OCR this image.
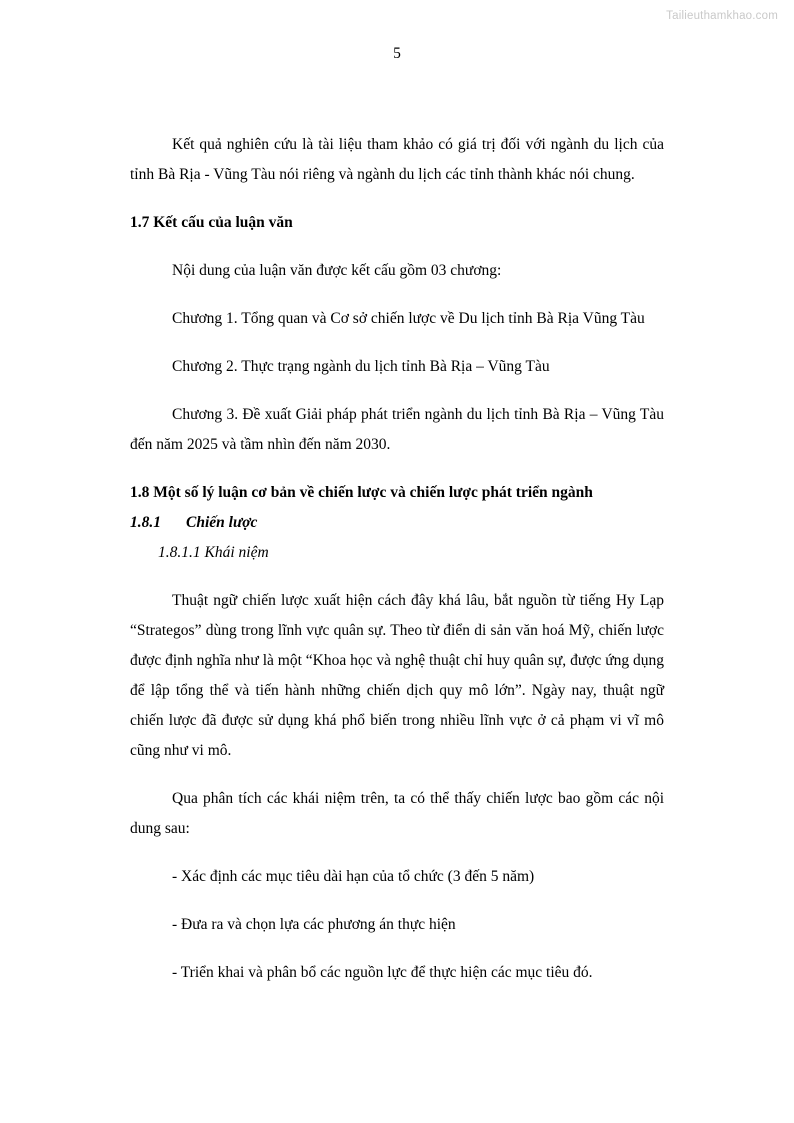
Tailieuthamkhao.com
5

Kết quả nghiên cứu là tài liệu tham khảo có giá trị đối với ngành du lịch của tỉnh Bà Rịa - Vũng Tàu nói riêng và ngành du lịch các tỉnh thành khác nói chung.

1.7 Kết cấu của luận văn

Nội dung của luận văn được kết cấu gồm 03 chương:

Chương 1. Tổng quan và Cơ sở chiến lược về Du lịch tỉnh Bà Rịa Vũng Tàu

Chương 2. Thực trạng ngành du lịch tỉnh Bà Rịa – Vũng Tàu

Chương 3. Đề xuất Giải pháp phát triển ngành du lịch tỉnh Bà Rịa – Vũng Tàu đến năm 2025 và tầm nhìn đến năm 2030.

1.8 Một số lý luận cơ bản về chiến lược và chiến lược phát triển ngành

1.8.1 Chiến lược

1.8.1.1 Khái niệm

Thuật ngữ chiến lược xuất hiện cách đây khá lâu, bắt nguồn từ tiếng Hy Lạp “Strategos” dùng trong lĩnh vực quân sự. Theo từ điển di sản văn hoá Mỹ, chiến lược được định nghĩa như là một “Khoa học và nghệ thuật chỉ huy quân sự, được ứng dụng để lập tổng thể và tiến hành những chiến dịch quy mô lớn”. Ngày nay, thuật ngữ chiến lược đã được sử dụng khá phổ biến trong nhiều lĩnh vực ở cả phạm vi vĩ mô cũng như vi mô.

Qua phân tích các khái niệm trên, ta có thể thấy chiến lược bao gồm các nội dung sau:

- Xác định các mục tiêu dài hạn của tổ chức (3 đến 5 năm)

- Đưa ra và chọn lựa các phương án thực hiện

- Triển khai và phân bổ các nguồn lực để thực hiện các mục tiêu đó.
